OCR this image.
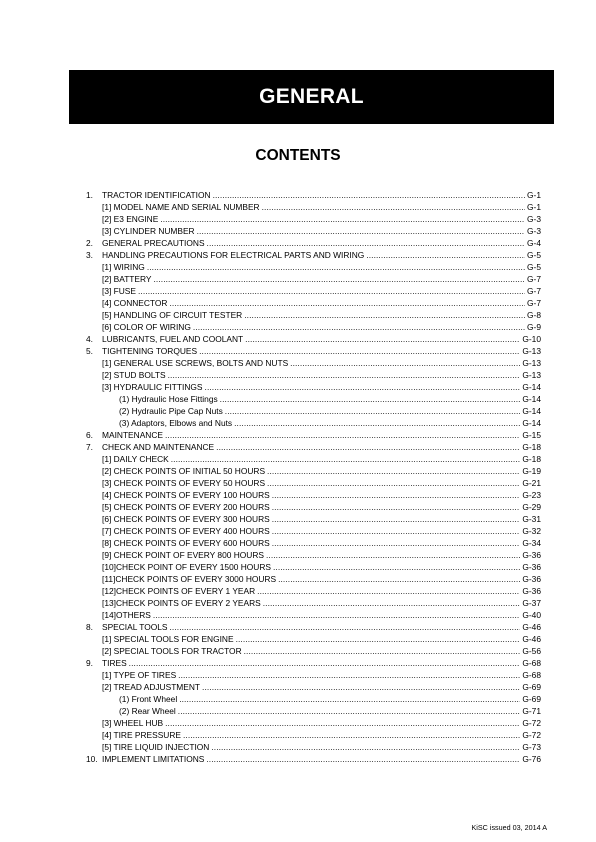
GENERAL
CONTENTS
1. TRACTOR IDENTIFICATION .....	G-1
[1] MODEL NAME AND SERIAL NUMBER .....	G-1
[2] E3 ENGINE .....	G-3
[3] CYLINDER NUMBER .....	G-3
2. GENERAL PRECAUTIONS .....	G-4
3. HANDLING PRECAUTIONS FOR ELECTRICAL PARTS AND WIRING .....	G-5
[1] WIRING .....	G-5
[2] BATTERY .....	G-7
[3] FUSE .....	G-7
[4] CONNECTOR .....	G-7
[5] HANDLING OF CIRCUIT TESTER .....	G-8
[6] COLOR OF WIRING .....	G-9
4. LUBRICANTS, FUEL AND COOLANT .....	G-10
5. TIGHTENING TORQUES .....	G-13
[1] GENERAL USE SCREWS, BOLTS AND NUTS .....	G-13
[2] STUD BOLTS .....	G-13
[3] HYDRAULIC FITTINGS .....	G-14
(1) Hydraulic Hose Fittings .....	G-14
(2) Hydraulic Pipe Cap Nuts .....	G-14
(3) Adaptors, Elbows and Nuts .....	G-14
6. MAINTENANCE .....	G-15
7. CHECK AND MAINTENANCE .....	G-18
[1] DAILY CHECK .....	G-18
[2] CHECK POINTS OF INITIAL 50 HOURS .....	G-19
[3] CHECK POINTS OF EVERY 50 HOURS .....	G-21
[4] CHECK POINTS OF EVERY 100 HOURS .....	G-23
[5] CHECK POINTS OF EVERY 200 HOURS .....	G-29
[6] CHECK POINTS OF EVERY 300 HOURS .....	G-31
[7] CHECK POINTS OF EVERY 400 HOURS .....	G-32
[8] CHECK POINTS OF EVERY 600 HOURS .....	G-34
[9] CHECK POINT OF EVERY 800 HOURS .....	G-36
[10]CHECK POINT OF EVERY 1500 HOURS .....	G-36
[11]CHECK POINTS OF EVERY 3000 HOURS .....	G-36
[12]CHECK POINTS OF EVERY 1 YEAR .....	G-36
[13]CHECK POINTS OF EVERY 2 YEARS .....	G-37
[14]OTHERS .....	G-40
8. SPECIAL TOOLS .....	G-46
[1] SPECIAL TOOLS FOR ENGINE .....	G-46
[2] SPECIAL TOOLS FOR TRACTOR .....	G-56
9. TIRES .....	G-68
[1] TYPE OF TIRES .....	G-68
[2] TREAD ADJUSTMENT .....	G-69
(1) Front Wheel .....	G-69
(2) Rear Wheel .....	G-71
[3] WHEEL HUB .....	G-72
[4] TIRE PRESSURE .....	G-72
[5] TIRE LIQUID INJECTION .....	G-73
10. IMPLEMENT LIMITATIONS .....	G-76
KiSC issued 03, 2014 A
